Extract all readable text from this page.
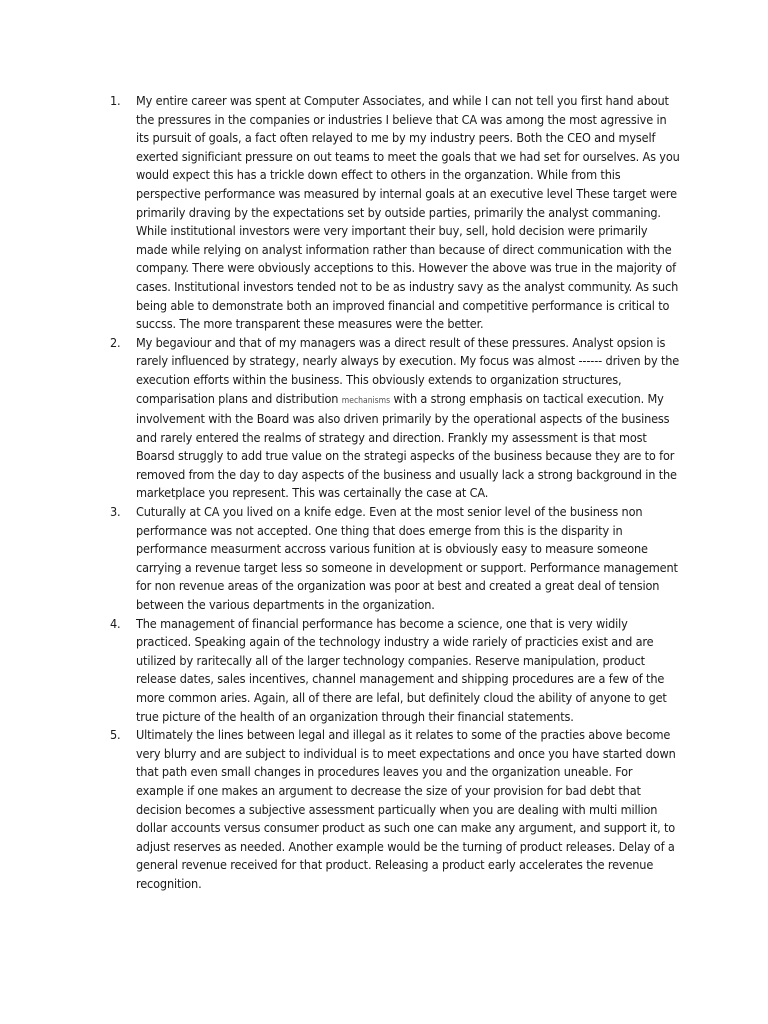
1.	My entire career was spent at Computer Associates, and while I can not tell you first hand about the pressures in the companies or industries I believe that CA was among the most agressive in its pursuit of goals, a fact often relayed to me by my industry peers. Both the CEO and myself exerted significiant pressure on out teams to meet the goals that we had set for ourselves. As you would expect this has a trickle down effect to others in the organzation. While from this perspective performance was measured by internal goals at an executive level These target were primarily draving by the expectations set by outside parties, primarily the analyst commaning. While institutional investors were very important their buy, sell, hold decision were primarily made while relying on analyst information rather than because of direct communication with the company. There were obviously acceptions to this. However the above was true in the majority of cases. Institutional investors tended not to be as industry savy as the analyst community. As such being able to demonstrate both an improved financial and competitive performance is critical to succss. The more transparent these measures were the better.
2.	My begaviour and that of my managers was a direct result of these pressures. Analyst opsion is rarely influenced by strategy, nearly always by execution. My focus was almost ------ driven by the execution efforts within the business. This obviously extends to organization structures, comparisation plans and distribution mechanisms with a strong emphasis on tactical execution. My involvement with the Board was also driven primarily by the operational aspects of the business and rarely entered the realms of strategy and direction. Frankly my assessment is that most Boarsd struggly to add true value on the strategi aspecks of the business because they are to for removed from the day to day aspects of the business and usually lack a strong background in the marketplace you represent. This was certainally the case at CA.
3.	Cuturally at CA you lived on a knife edge. Even at the most senior level of the business non performance was not accepted. One thing that does emerge from this is the disparity in performance measurment accross various funition at is obviously easy to measure someone carrying a revenue target less so someone in development or support. Performance management for non revenue areas of the organization was poor at best and created a great deal of tension between the various departments in the organization.
4.	The management of financial performance has become a science, one that is very widily practiced. Speaking again of the technology industry a wide rariely of practicies exist and are utilized by raritecally all of the larger technology companies. Reserve manipulation, product release dates, sales incentives, channel management and shipping procedures are a few of the more common aries. Again, all of there are lefal, but definitely cloud the ability of anyone to get true picture of the health of an organization through their financial statements.
5.	Ultimately the lines between legal and illegal as it relates to some of the practies above become very blurry and are subject to individual is to meet expectations and once you have started down that path even small changes in procedures leaves you and the organization uneable. For example if one makes an argument to decrease the size of your provision for bad debt that decision becomes a subjective assessment particually when you are dealing with multi million dollar accounts versus consumer product as such one can make any argument, and support it, to adjust reserves as needed. Another example would be the turning of product releases. Delay of a general revenue received for that product. Releasing a product early accelerates the revenue recognition.
